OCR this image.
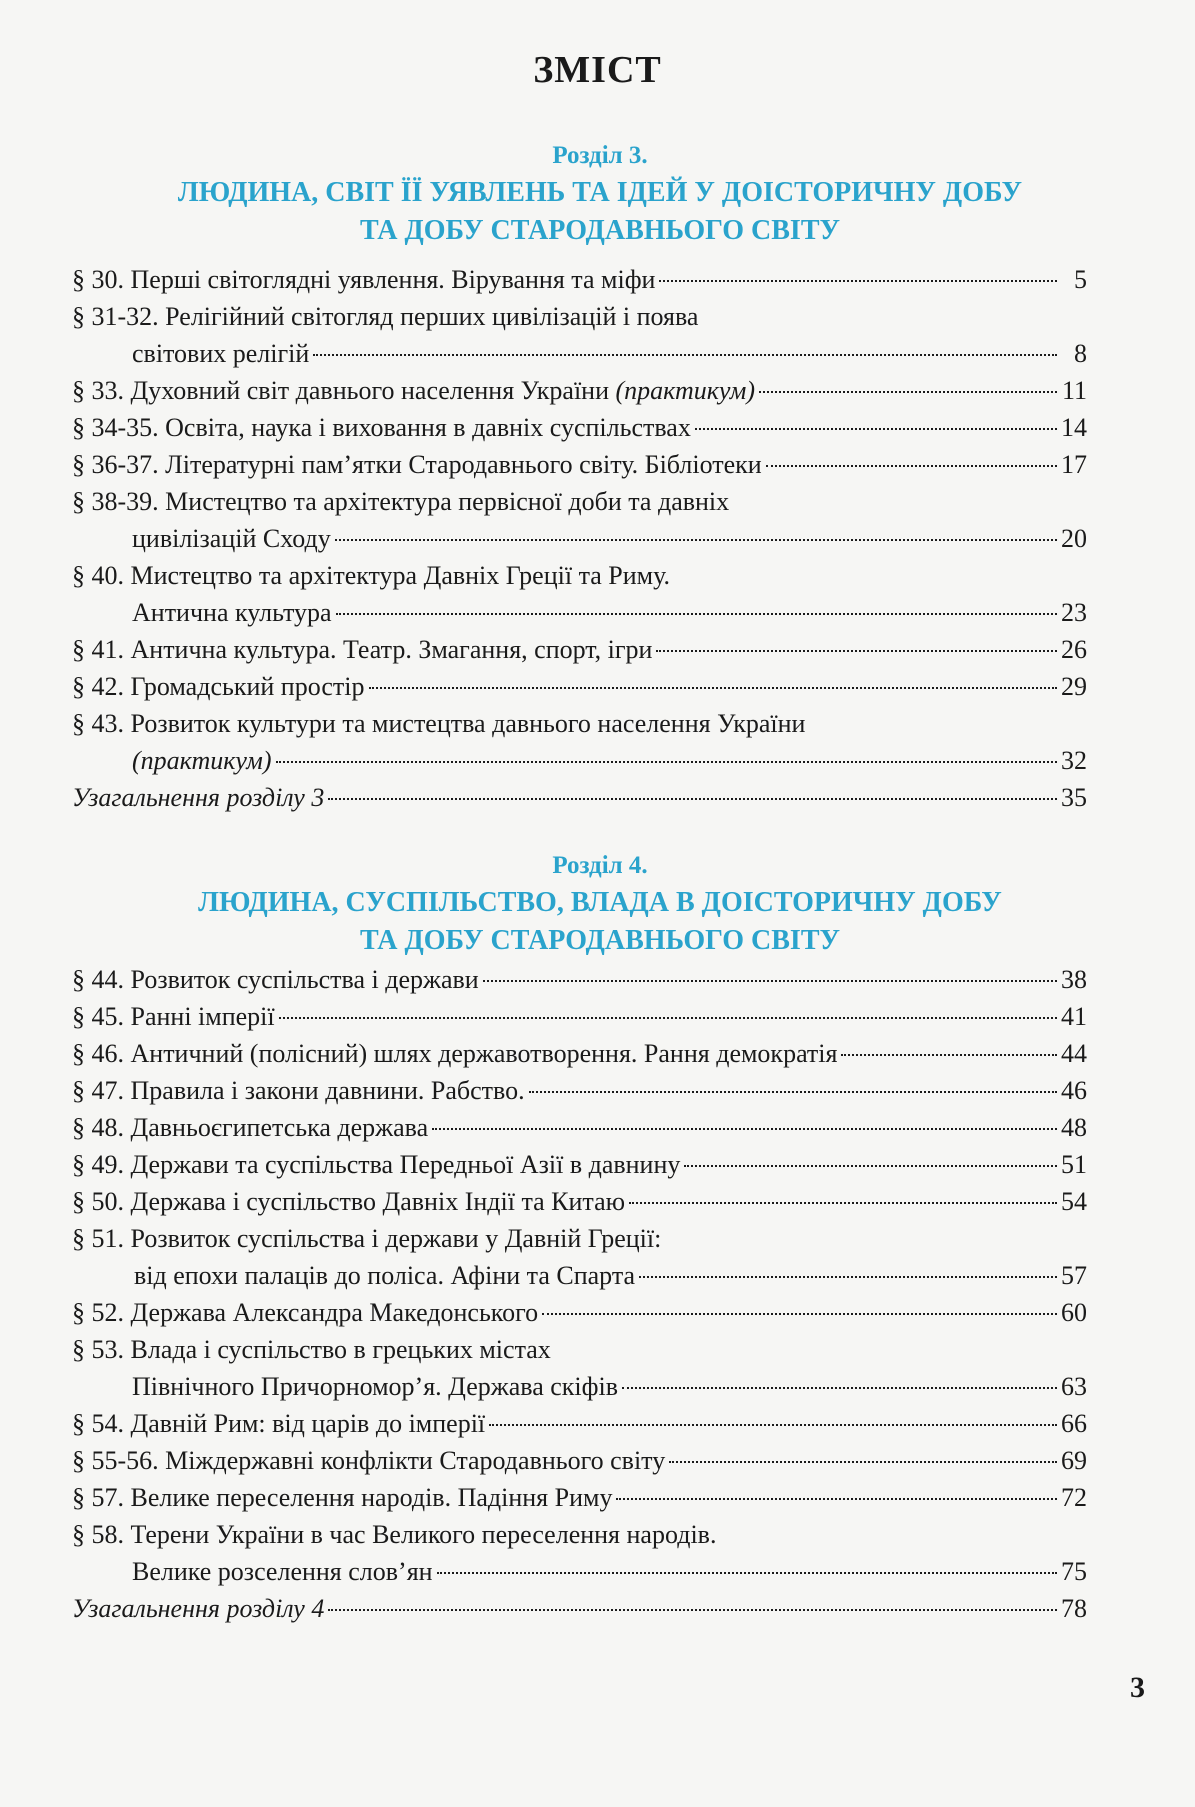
ЗМІСТ
Розділ 3.
ЛЮДИНА, СВІТ ЇЇ УЯВЛЕНЬ ТА ІДЕЙ У ДОІСТОРИЧНУ ДОБУ
ТА ДОБУ СТАРОДАВНЬОГО СВІТУ
§ 30. Перші світоглядні уявлення. Вірування та міфи	5
§ 31-32. Релігійний світогляд перших цивілізацій і поява
світових релігій	8
§ 33. Духовний світ давнього населення України (практикум)	11
§ 34-35. Освіта, наука і виховання в давніх суспільствах	14
§ 36-37. Літературні пам’ятки Стародавнього світу. Бібліотеки	17
§ 38-39. Мистецтво та архітектура первісної доби та давніх
цивілізацій Сходу	20
§ 40. Мистецтво та архітектура Давніх Греції та Риму.
Антична культура	23
§ 41. Антична культура. Театр. Змагання, спорт, ігри	26
§ 42. Громадський простір	29
§ 43. Розвиток культури та мистецтва давнього населення України
(практикум)	32
Узагальнення розділу 3	35
Розділ 4.
ЛЮДИНА, СУСПІЛЬСТВО, ВЛАДА В ДОІСТОРИЧНУ ДОБУ
ТА ДОБУ СТАРОДАВНЬОГО СВІТУ
§ 44. Розвиток суспільства і держави	38
§ 45. Ранні імперії	41
§ 46. Античний (полісний) шлях державотворення. Рання демократія	44
§ 47. Правила і закони давнини. Рабство.	46
§ 48. Давньоєгипетська держава	48
§ 49. Держави та суспільства Передньої Азії в давнину	51
§ 50. Держава і суспільство Давніх Індії та Китаю	54
§ 51. Розвиток суспільства і держави у Давній Греції:
від епохи палаців до поліса. Афіни та Спарта	57
§ 52. Держава Александра Македонського	60
§ 53. Влада і суспільство в грецьких містах
Північного Причорномор’я. Держава скіфів	63
§ 54. Давній Рим: від царів до імперії	66
§ 55-56. Міждержавні конфлікти Стародавнього світу	69
§ 57. Велике переселення народів. Падіння Риму	72
§ 58. Терени України в час Великого переселення народів.
Велике розселення слов’ян	75
Узагальнення розділу 4	78
3
